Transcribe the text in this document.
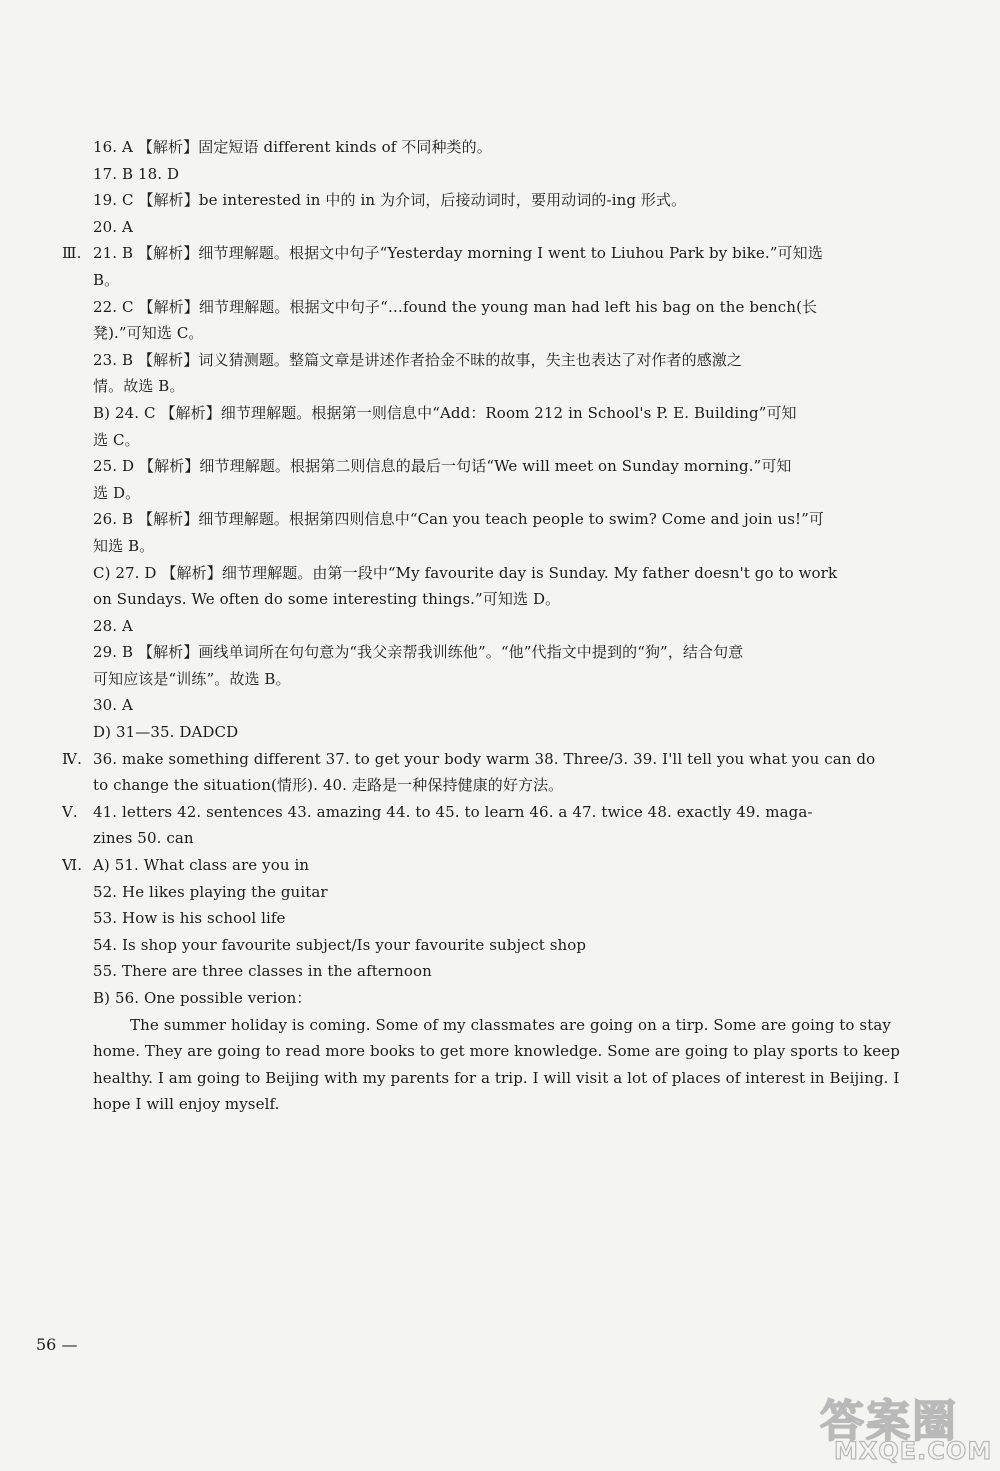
16. A 【解析】固定短语 different kinds of 不同种类的。
17. B 18. D
19. C 【解析】be interested in 中的 in 为介词，后接动词时，要用动词的-ing 形式。
20. A
Ⅲ. 21. B 【解析】细节理解题。根据文中句子“Yesterday morning I went to Liuhou Park by bike.”可知选
B。
22. C 【解析】细节理解题。根据文中句子“…found the young man had left his bag on the bench(长
凳).”可知选 C。
23. B 【解析】词义猜测题。整篇文章是讲述作者拾金不昧的故事，失主也表达了对作者的感激之
情。故选 B。
B) 24. C 【解析】细节理解题。根据第一则信息中“Add：Room 212 in School's P. E. Building”可知
选 C。
25. D 【解析】细节理解题。根据第二则信息的最后一句话“We will meet on Sunday morning.”可知
选 D。
26. B 【解析】细节理解题。根据第四则信息中“Can you teach people to swim? Come and join us!”可
知选 B。
C) 27. D 【解析】细节理解题。由第一段中“My favourite day is Sunday. My father doesn't go to work
on Sundays. We often do some interesting things.”可知选 D。
28. A
29. B 【解析】画线单词所在句句意为“我父亲帮我训练他”。“他”代指文中提到的“狗”，结合句意
可知应该是“训练”。故选 B。
30. A
D) 31—35. DADCD
Ⅳ. 36. make something different 37. to get your body warm 38. Three/3. 39. I'll tell you what you can do
to change the situation(情形). 40. 走路是一种保持健康的好方法。
Ⅴ.	41. letters 42. sentences 43. amazing 44. to 45. to learn 46. a 47. twice 48. exactly 49. maga-
zines 50. can
Ⅵ. A) 51. What class are you in
52. He likes playing the guitar
53. How is his school life
54. Is shop your favourite subject/Is your favourite subject shop
55. There are three classes in the afternoon
B) 56. One possible verion：
The summer holiday is coming. Some of my classmates are going on a tirp. Some are going to stay
home. They are going to read more books to get more knowledge. Some are going to play sports to keep
healthy. I am going to Beijing with my parents for a trip. I will visit a lot of places of interest in Beijing. I
hope I will enjoy myself.
56 —
答案圈
MXQE.COM
